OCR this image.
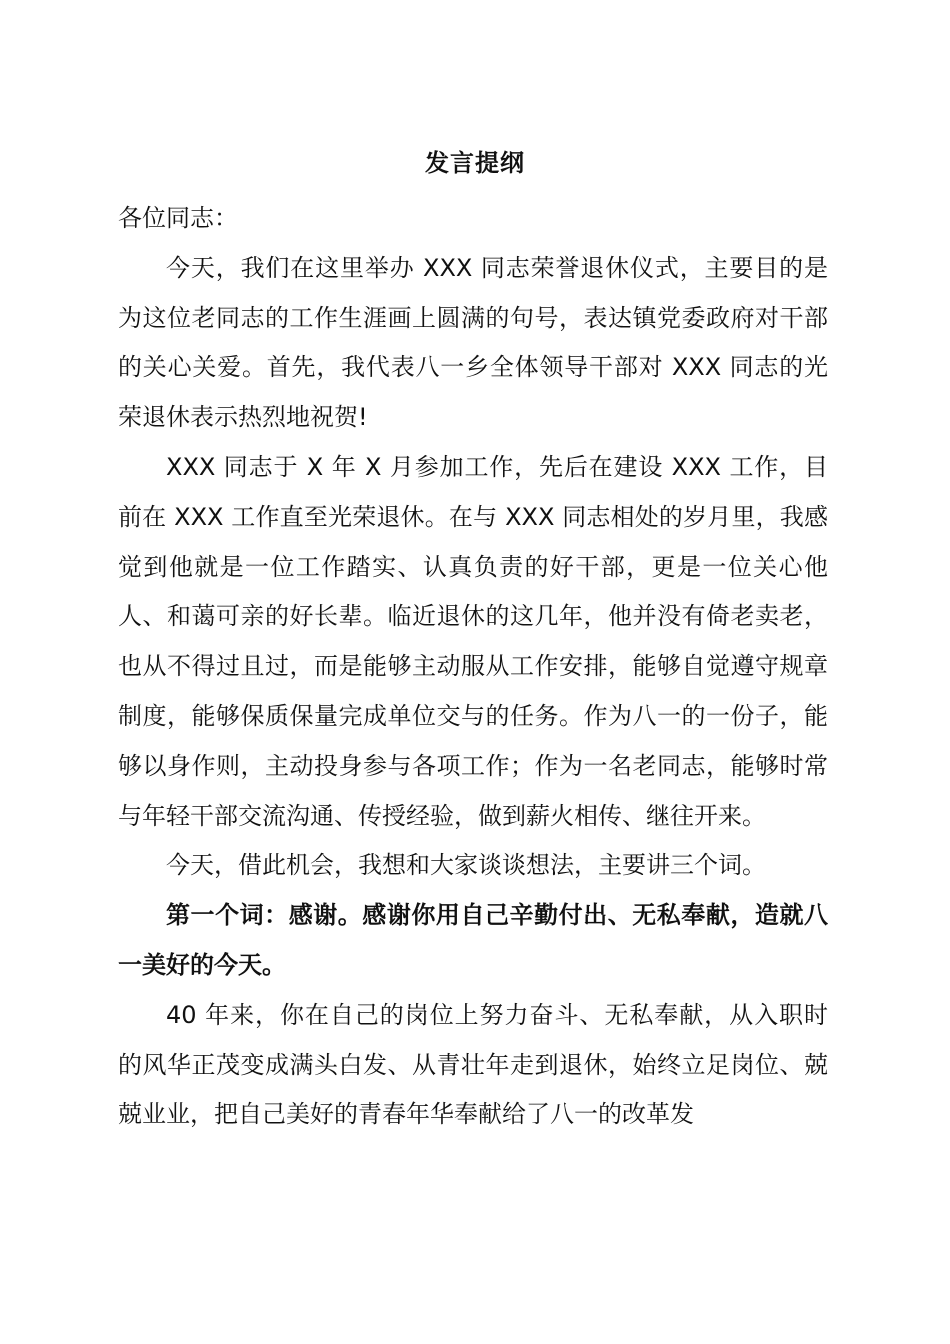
发言提纲

各位同志：

今天，我们在这里举办 XXX 同志荣誉退休仪式，主要目的是为这位老同志的工作生涯画上圆满的句号，表达镇党委政府对干部的关心关爱。首先，我代表八一乡全体领导干部对 XXX 同志的光荣退休表示热烈地祝贺!

XXX 同志于 X 年 X 月参加工作，先后在建设 XXX 工作，目前在 XXX 工作直至光荣退休。在与 XXX 同志相处的岁月里，我感觉到他就是一位工作踏实、认真负责的好干部，更是一位关心他人、和蔼可亲的好长辈。临近退休的这几年，他并没有倚老卖老，也从不得过且过，而是能够主动服从工作安排，能够自觉遵守规章制度，能够保质保量完成单位交与的任务。作为八一的一份子，能够以身作则，主动投身参与各项工作；作为一名老同志，能够时常与年轻干部交流沟通、传授经验，做到薪火相传、继往开来。

今天，借此机会，我想和大家谈谈想法，主要讲三个词。

第一个词：感谢。感谢你用自己辛勤付出、无私奉献，造就八一美好的今天。

40 年来，你在自己的岗位上努力奋斗、无私奉献，从入职时的风华正茂变成满头白发、从青壮年走到退休，始终立足岗位、兢兢业业，把自己美好的青春年华奉献给了八一的改革发
